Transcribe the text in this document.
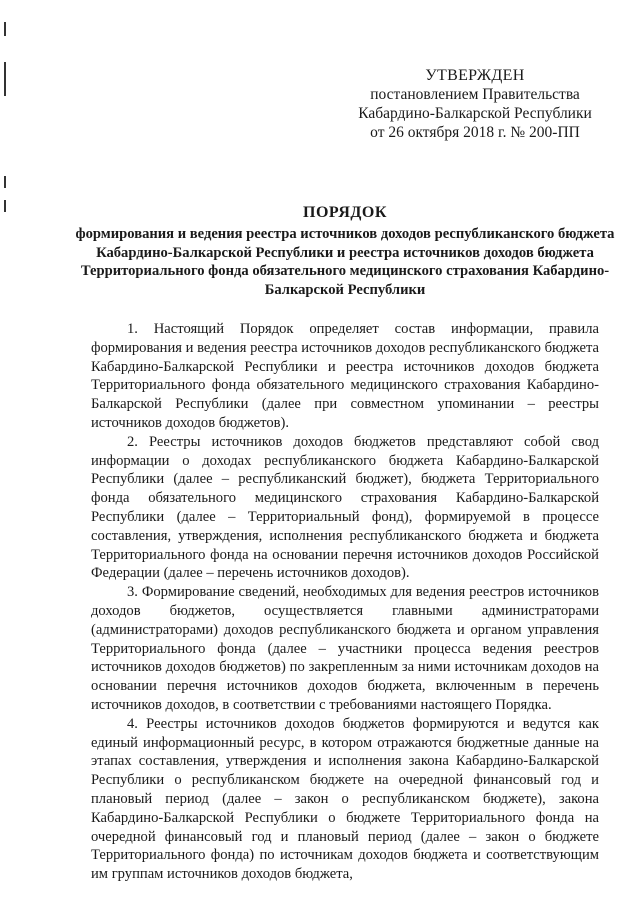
УТВЕРЖДЕН
постановлением Правительства
Кабардино-Балкарской Республики
от 26 октября 2018 г. № 200-ПП
ПОРЯДОК
формирования и ведения реестра источников доходов республиканского бюджета Кабардино-Балкарской Республики и реестра источников доходов бюджета Территориального фонда обязательного медицинского страхования Кабардино-Балкарской Республики

1. Настоящий Порядок определяет состав информации, правила формирования и ведения реестра источников доходов республиканского бюджета Кабардино-Балкарской Республики и реестра источников доходов бюджета Территориального фонда обязательного медицинского страхования Кабардино-Балкарской Республики (далее при совместном упоминании – реестры источников доходов бюджетов).

2. Реестры источников доходов бюджетов представляют собой свод информации о доходах республиканского бюджета Кабардино-Балкарской Республики (далее – республиканский бюджет), бюджета Территориального фонда обязательного медицинского страхования Кабардино-Балкарской Республики (далее – Территориальный фонд), формируемой в процессе составления, утверждения, исполнения республиканского бюджета и бюджета Территориального фонда на основании перечня источников доходов Российской Федерации (далее – перечень источников доходов).

3. Формирование сведений, необходимых для ведения реестров источников доходов бюджетов, осуществляется главными администраторами (администраторами) доходов республиканского бюджета и органом управления Территориального фонда (далее – участники процесса ведения реестров источников доходов бюджетов) по закрепленным за ними источникам доходов на основании перечня источников доходов бюджета, включенным в перечень источников доходов, в соответствии с требованиями настоящего Порядка.

4. Реестры источников доходов бюджетов формируются и ведутся как единый информационный ресурс, в котором отражаются бюджетные данные на этапах составления, утверждения и исполнения закона Кабардино-Балкарской Республики о республиканском бюджете на очередной финансовый год и плановый период (далее – закон о республиканском бюджете), закона Кабардино-Балкарской Республики о бюджете Территориального фонда на очередной финансовый год и плановый период (далее – закон о бюджете Территориального фонда) по источникам доходов бюджета и соответствующим им группам источников доходов бюджета,
